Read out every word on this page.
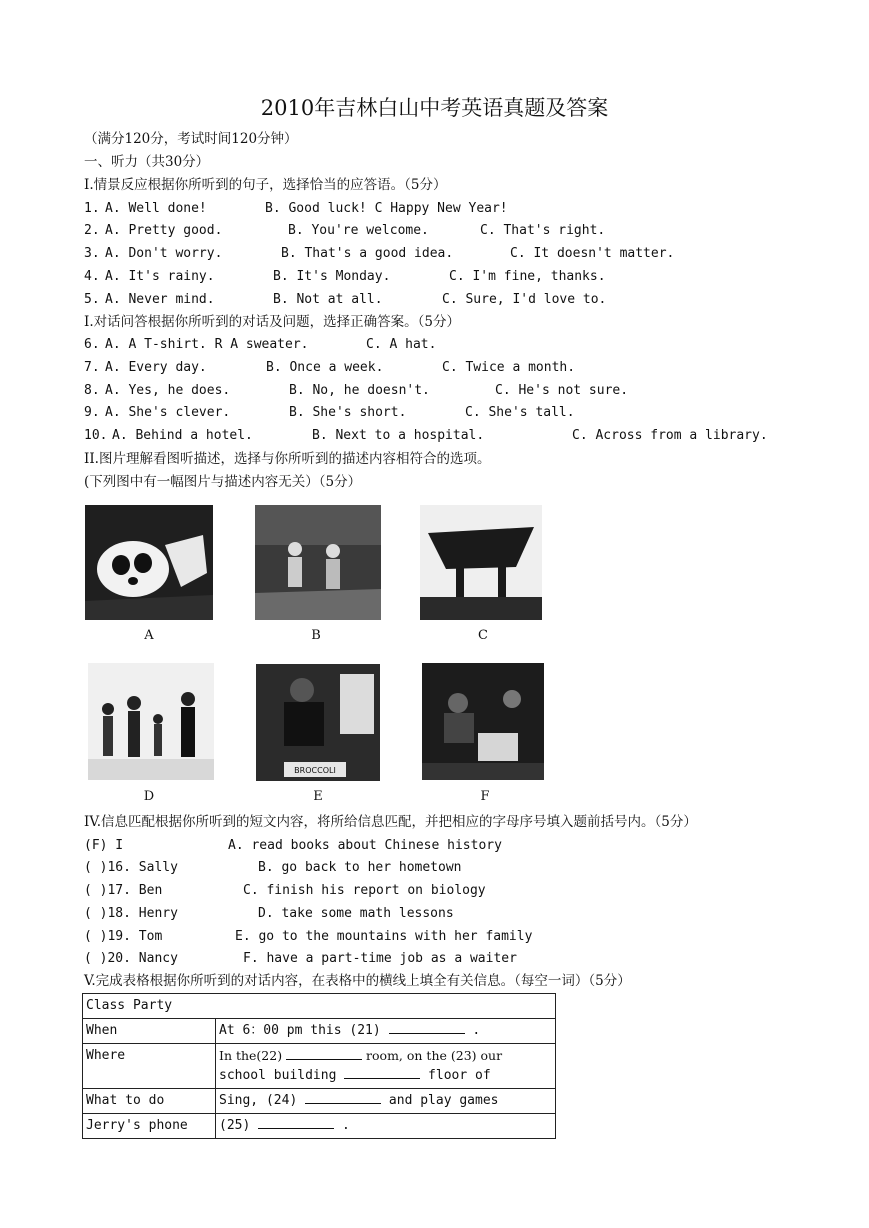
2010年吉林白山中考英语真题及答案
（满分120分，考试时间120分钟）
一、听力（共30分）
I.情景反应根据你所听到的句子，选择恰当的应答语。（5分）
1. A. Well done!	B. Good luck! C Happy New Year!
2. A. Pretty good.	B. You're welcome.	C. That's right.
3. A. Don't worry.	B. That's a good idea.	C. It doesn't matter.
4. A. It's rainy.	B. It's Monday.	C. I'm fine, thanks.
5. A. Never mind.	B. Not at all.	C. Sure, I'd love to.
I.对话问答根据你所听到的对话及问题，选择正确答案。（5分）
6. A. A T-shirt. R A sweater.	C. A hat.
7. A. Every day.	B. Once a week.	C. Twice a month.
8. A. Yes, he does.	B. No, he doesn't.	C. He's not sure.
9. A. She's clever.	B. She's short.	C. She's tall.
10. A. Behind a hotel.	B. Next to a hospital.	C. Across from a library.
II.图片理解看图听描述，选择与你所听到的描述内容相符合的选项。
(下列图中有一幅图片与描述内容无关）（5分）
A	B	C
BROCCOLI
D	E	F
IV.信息匹配根据你所听到的短文内容，将所给信息匹配，并把相应的字母序号填入题前括号内。（5分）
(F) I	A. read books about Chinese history
( )16. Sally	B. go back to her hometown
( )17. Ben	C. finish his report on biology
( )18. Henry	D. take some math lessons
( )19. Tom	E. go to the mountains with her family
( )20. Nancy	F. have a part-time job as a waiter
V.完成表格根据你所听到的对话内容，在表格中的横线上填全有关信息。（每空一词）（5分）
Class Party	
When	At 6：00 pm this (21) .
Where	In the(22) room, on the (23) our
school building floor of

What to do	Sing, (24) and play games
Jerry's phone	(25) .
